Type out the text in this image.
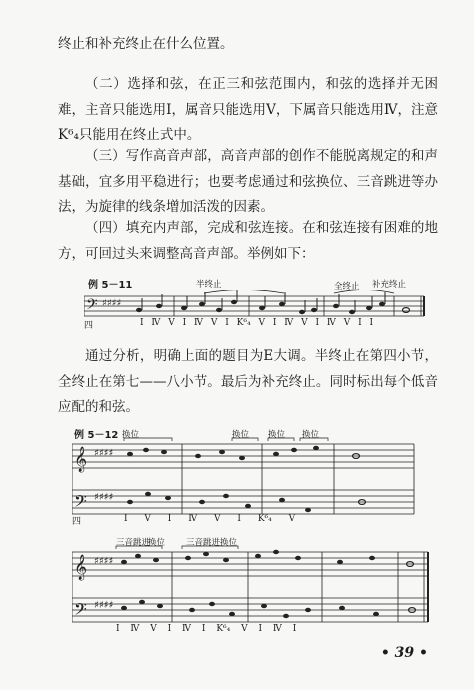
终止和补充终止在什么位置。

（二）选择和弦，在正三和弦范围内，和弦的选择并无困难，主音只能选用Ⅰ，属音只能选用Ⅴ，下属音只能选用Ⅳ，注意K⁶₄只能用在终止式中。

（三）写作高音声部，高音声部的创作不能脱离规定的和声基础，宜多用平稳进行；也要考虑通过和弦换位、三音跳进等办法，为旋律的线条增加活泼的因素。

（四）填充内声部，完成和弦连接。在和弦连接有困难的地方，可回过头来调整高音声部。举例如下：

例 5－11	半终止	全终止 补充终止
𝄢 ♯♯♯♯
四	Ⅰ Ⅳ Ⅴ Ⅰ Ⅳ Ⅴ Ⅰ K⁶₄ Ⅴ Ⅰ Ⅳ Ⅴ Ⅰ Ⅳ Ⅴ Ⅰ Ⅰ

通过分析，明确上面的题目为E大调。半终止在第四小节，全终止在第七——八小节。最后为补充终止。同时标出每个低音应配的和弦。

例 5－12 换位	换位 换位 换位
𝄞
𝄢
♯♯♯♯
♯♯♯♯
四	Ⅰ Ⅴ Ⅰ Ⅳ Ⅴ Ⅰ K⁶₄ Ⅴ
三音跳进
换位 三音跳进 换位
𝄞
𝄢
♯♯♯♯
♯♯♯♯
Ⅰ Ⅳ Ⅴ Ⅰ Ⅳ Ⅰ K⁶₄ Ⅴ Ⅰ Ⅳ Ⅰ
• 39 •
